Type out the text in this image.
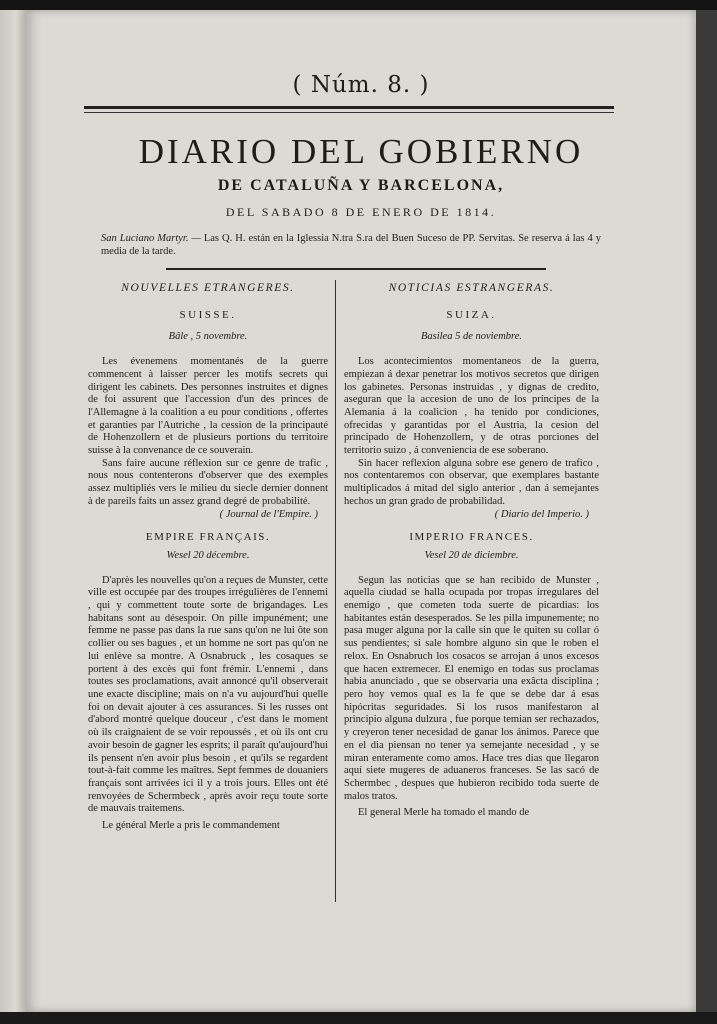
( Núm. 8. )
DIARIO DEL GOBIERNO
DE CATALUÑA Y BARCELONA,
DEL SABADO 8 DE ENERO DE 1814.
San Luciano Martyr. — Las Q. H. están en la Iglessia N.tra S.ra del Buen Suceso de PP. Servitas. Se reserva á las 4 y media de la tarde.
NOUVELLES ETRANGERES.
SUISSE.
Bâle , 5 novembre.

Les évenemens momentanés de la guerre commencent à laisser percer les motifs secrets qui dirigent les cabinets. Des personnes instruites et dignes de foi assurent que l'accession d'un des princes de l'Allemagne à la coalition a eu pour conditions , offertes et garanties par l'Autriche , la cession de la principauté de Hohenzollern et de plusieurs portions du territoire suisse à la convenance de ce souverain.

Sans faire aucune réflexion sur ce genre de trafic , nous nous contenterons d'observer que des exemples assez multipliés vers le milieu du siecle dernier donnent à de pareils faits un assez grand degré de probabilité.

( Journal de l'Empire. )
EMPIRE FRANÇAIS.
Wesel 20 décembre.

D'après les nouvelles qu'on a reçues de Munster, cette ville est occupée par des troupes irrégulières de l'ennemi , qui y commettent toute sorte de brigandages. Les habitans sont au désespoir. On pille impunément; une femme ne passe pas dans la rue sans qu'on ne lui ôte son collier ou ses bagues , et un homme ne sort pas qu'on ne lui enlève sa montre. A Osnabruck , les cosaques se portent à des excès qui font frémir. L'ennemi , dans toutes ses proclamations, avait annoncé qu'il observerait une exacte discipline; mais on n'a vu aujourd'hui quelle foi on devait ajouter à ces assurances. Si les russes ont d'abord montré quelque douceur , c'est dans le moment où ils craignaient de se voir repoussés , et où ils ont cru avoir besoin de gagner les esprits; il paraît qu'aujourd'hui ils pensent n'en avoir plus besoin , et qu'ils se regardent tout-à-fait comme les maîtres. Sept femmes de douaniers français sont arrivées ici il y a trois jours. Elles ont été renvoyées de Schermbeck , après avoir reçu toute sorte de mauvais traitemens.

Le général Merle a pris le commandement

NOTICIAS ESTRANGERAS.
SUIZA.
Basilea 5 de noviembre.

Los acontecimientos momentaneos de la guerra, empiezan á dexar penetrar los motivos secretos que dirigen los gabinetes. Personas instruidas , y dignas de credito, aseguran que la accesion de uno de los príncipes de la Alemania á la coalicion , ha tenido por condiciones, ofrecidas y garantidas por el Austria, la cesion del principado de Hohenzollern, y de otras porciones del territorio suizo , á conveniencia de ese soberano.

Sin hacer reflexion alguna sobre ese genero de trafico , nos contentaremos con observar, que exemplares bastante multiplicados á mitad del siglo anterior , dan á semejantes hechos un gran grado de probabilidad.

( Diario del Imperio. )
IMPERIO FRANCES.
Vesel 20 de diciembre.

Segun las noticias que se han recibido de Munster , aquella ciudad se halla ocupada por tropas irregulares del enemigo , que cometen toda suerte de picardias: los habitantes están desesperados. Se les pilla impunemente; no pasa muger alguna por la calle sin que le quiten su collar ó sus pendientes; si sale hombre alguno sin que le roben el relox. En Osnabruch los cosacos se arrojan á unos excesos que hacen extremecer. El enemigo en todas sus proclamas habia anunciado , que se observaria una exâcta disciplina ; pero hoy vemos qual es la fe que se debe dar á esas hipócritas seguridades. Si los rusos manifestaron al principio alguna dulzura , fue porque temian ser rechazados, y creyeron tener necesidad de ganar los ánimos. Parece que en el dia piensan no tener ya semejante necesidad , y se miran enteramente como amos. Hace tres dias que llegaron aquí siete mugeres de aduaneros franceses. Se las sacó de Schermbec , despues que hubieron recibido toda suerte de malos tratos.

El general Merle ha tomado el mando de
